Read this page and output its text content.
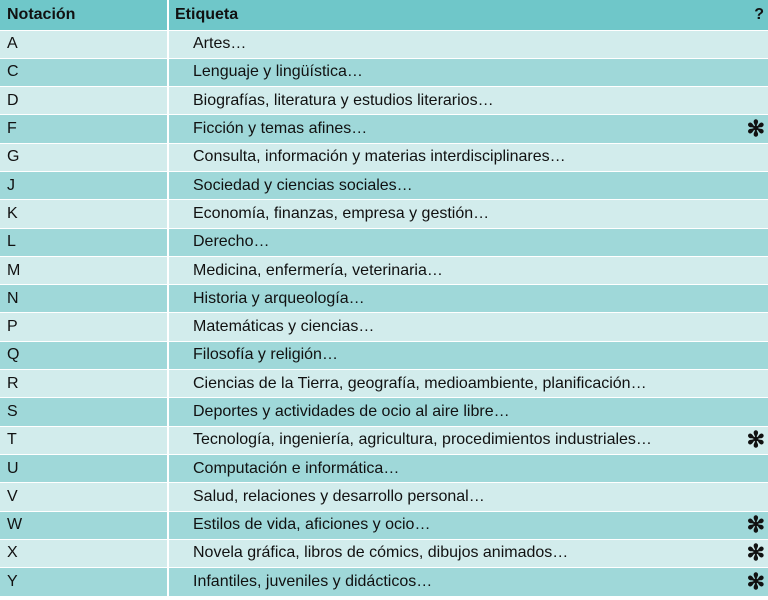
Notación	Etiqueta	?
A	Artes…	
C	Lenguaje y lingüística…	
D	Biografías, literatura y estudios literarios…	
F	Ficción y temas afines…	✻
G	Consulta, información y materias interdisciplinares…	
J	Sociedad y ciencias sociales…	
K	Economía, finanzas, empresa y gestión…	
L	Derecho…	
M	Medicina, enfermería, veterinaria…	
N	Historia y arqueología…	
P	Matemáticas y ciencias…	
Q	Filosofía y religión…	
R	Ciencias de la Tierra, geografía, medioambiente, planificación…	
S	Deportes y actividades de ocio al aire libre…	
T	Tecnología, ingeniería, agricultura, procedimientos industriales…	✻
U	Computación e informática…	
V	Salud, relaciones y desarrollo personal…	
W	Estilos de vida, aficiones y ocio…	✻
X	Novela gráfica, libros de cómics, dibujos animados…	✻
Y	Infantiles, juveniles y didácticos…	✻
